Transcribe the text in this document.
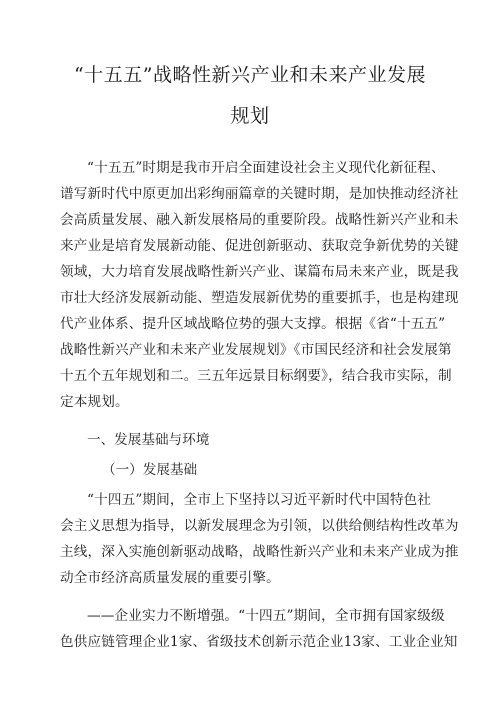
“十五五”战略性新兴产业和未来产业发展
规划
“十五五”时期是我市开启全面建设社会主义现代化新征程、
谱写新时代中原更加出彩绚丽篇章的关键时期，是加快推动经济社
会高质量发展、融入新发展格局的重要阶段。战略性新兴产业和未
来产业是培育发展新动能、促进创新驱动、获取竞争新优势的关键
领域，大力培育发展战略性新兴产业、谋篇布局未来产业，既是我
市壮大经济发展新动能、塑造发展新优势的重要抓手，也是构建现
代产业体系、提升区域战略位势的强大支撑。根据《省“十五五”
战略性新兴产业和未来产业发展规划》《市国民经济和社会发展第
十五个五年规划和二。三五年远景目标纲要》，结合我市实际，制
定本规划。
一、发展基础与环境
（一）发展基础
“十四五”期间，全市上下坚持以习近平新时代中国特色社
会主义思想为指导，以新发展理念为引领，以供给侧结构性改革为
主线，深入实施创新驱动战略，战略性新兴产业和未来产业成为推
动全市经济高质量发展的重要引擎。
——企业实力不断增强。“十四五”期间，全市拥有国家级级
色供应链管理企业1家、省级技术创新示范企业13家、工业企业知
